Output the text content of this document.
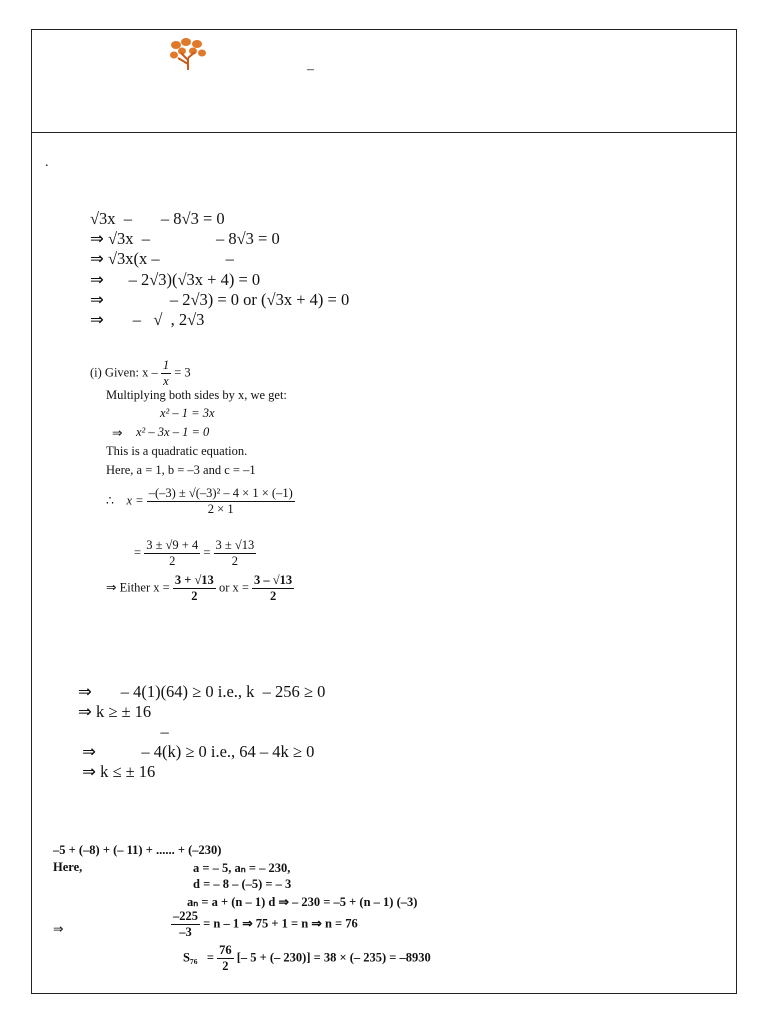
–
.
√3x  –       – 8√3 = 0
⇒ √3x  –                – 8√3 = 0
⇒ √3x(x –                –
⇒      – 2√3)(√3x + 4) = 0
⇒                – 2√3) = 0 or (√3x + 4) = 0
⇒       –   √  , 2√3
(i) Given: $x - \frac{1}{x} = 3$
Multiplying both sides by x, we get:
x² – 1 = 3x
⇒ x² – 3x – 1 = 0
This is a quadratic equation.
Here, a = 1, b = –3 and c = –1
∴ $x = \frac{\text{–(–3) ± √(–3)² – 4 × 1 × (–1)}}{2 \times 1}$
= $\frac{3 \pm √9 + 4}{2} = \frac{3 \pm √13}{2}$
⇒ Either $x = \frac{3 + √13}{2}$ or $x = \frac{3 - √13}{2}$
⇒       – 4(1)(64) ≥ 0 i.e., k  – 256 ≥ 0
⇒ k ≥ ± 16
–
⇒           – 4(k) ≥ 0 i.e., 64 – 4k ≥ 0
⇒ k ≤ ± 16
–5 + (–8) + (– 11) + ...... + (–230)
Here,	a = – 5, aₙ = – 230,
d = – 8 – (–5) = – 3
aₙ = a + (n – 1) d ⇒ – 230 = –5 + (n – 1) (–3)
⇒	$\frac{-225}{-3} = n - 1$ ⇒ 75 + 1 = n ⇒ n = 76
$S_{76} = \frac{76}{2}$ [– 5 + (– 230)] = 38 × (– 235) = –8930
